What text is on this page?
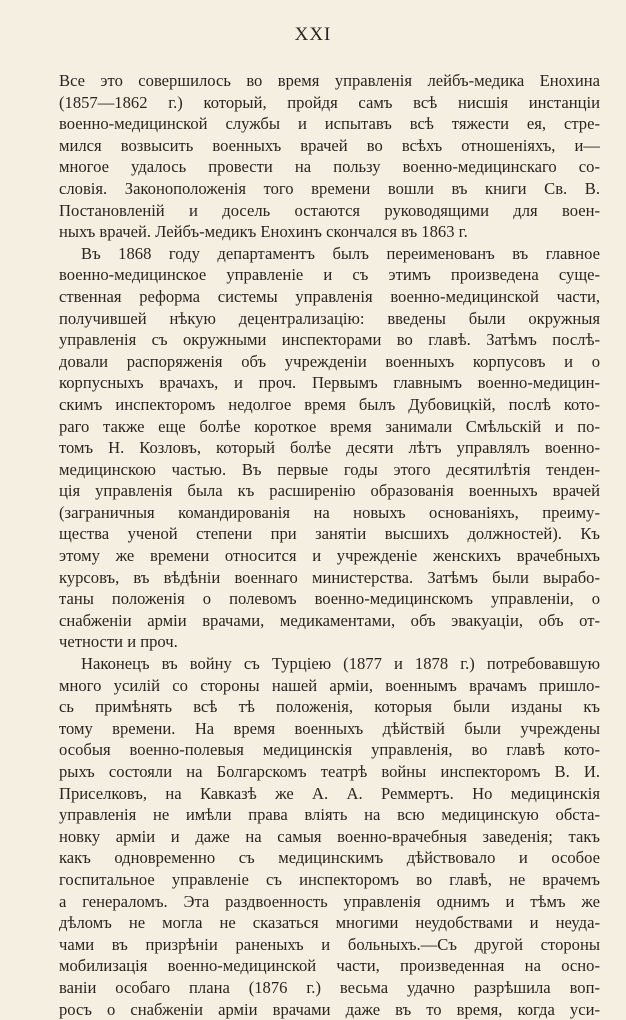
XXI
Все это совершилось во время управленія лейбъ-медика Енохина
(1857—1862 г.) который, пройдя самъ всѣ нисшія инстанціи
военно-медицинской службы и испытавъ всѣ тяжести ея, стре-
мился возвысить военныхъ врачей во всѣхъ отношеніяхъ, и—
многое удалось провести на пользу военно-медицинскаго со-
словія. Законоположенія того времени вошли въ книги Св. В.
Постановленій и досель остаются руководящими для воен-
ныхъ врачей. Лейбъ-медикъ Енохинъ скончался въ 1863 г.
Въ 1868 году департаментъ былъ переименованъ въ главное
военно-медицинское управленіе и съ этимъ произведена суще-
ственная реформа системы управленія военно-медицинской части,
получившей нѣкую децентрализацію: введены были окружныя
управленія съ окружными инспекторами во главѣ. Затѣмъ послѣ-
довали распоряженія объ учрежденіи военныхъ корпусовъ и о
корпусныхъ врачахъ, и проч. Первымъ главнымъ военно-медицин-
скимъ инспекторомъ недолгое время былъ Дубовицкій, послѣ кото-
раго также еще болѣе короткое время занимали Смѣльскій и по-
томъ Н. Козловъ, который болѣе десяти лѣтъ управлялъ военно-
медицинскою частью. Въ первые годы этого десятилѣтія тенден-
ція управленія была къ расширенію образованія военныхъ врачей
(заграничныя командированія на новыхъ основаніяхъ, преиму-
щества ученой степени при занятіи высшихъ должностей). Къ
этому же времени относится и учрежденіе женскихъ врачебныхъ
курсовъ, въ вѣдѣніи военнаго министерства. Затѣмъ были вырабо-
таны положенія о полевомъ военно-медицинскомъ управленіи, о
снабженіи арміи врачами, медикаментами, объ эвакуаціи, объ от-
четности и проч.
Наконецъ въ войну съ Турціею (1877 и 1878 г.) потребовавшую
много усилій со стороны нашей арміи, военнымъ врачамъ пришло-
сь примѣнять всѣ тѣ положенія, которыя были изданы къ
тому времени. На время военныхъ дѣйствій были учреждены
особыя военно-полевыя медицинскія управленія, во главѣ кото-
рыхъ состояли на Болгарскомъ театрѣ войны инспекторомъ В. И.
Приселковъ, на Кавказѣ же А. А. Реммертъ. Но медицинскія
управленія не имѣли права вліять на всю медицинскую обста-
новку арміи и даже на самыя военно-врачебныя заведенія; такъ
какъ одновременно съ медицинскимъ дѣйствовало и особое
госпитальное управленіе съ инспекторомъ во главѣ, не врачемъ
а генераломъ. Эта раздвоенность управленія однимъ и тѣмъ же
дѣломъ не могла не сказаться многими неудобствами и неуда-
чами въ призрѣніи раненыхъ и больныхъ.—Съ другой стороны
мобилизація военно-медицинской части, произведенная на осно-
ваніи особаго плана (1876 г.) весьма удачно разрѣшила воп-
росъ о снабженіи арміи врачами даже въ то время, когда уси-
